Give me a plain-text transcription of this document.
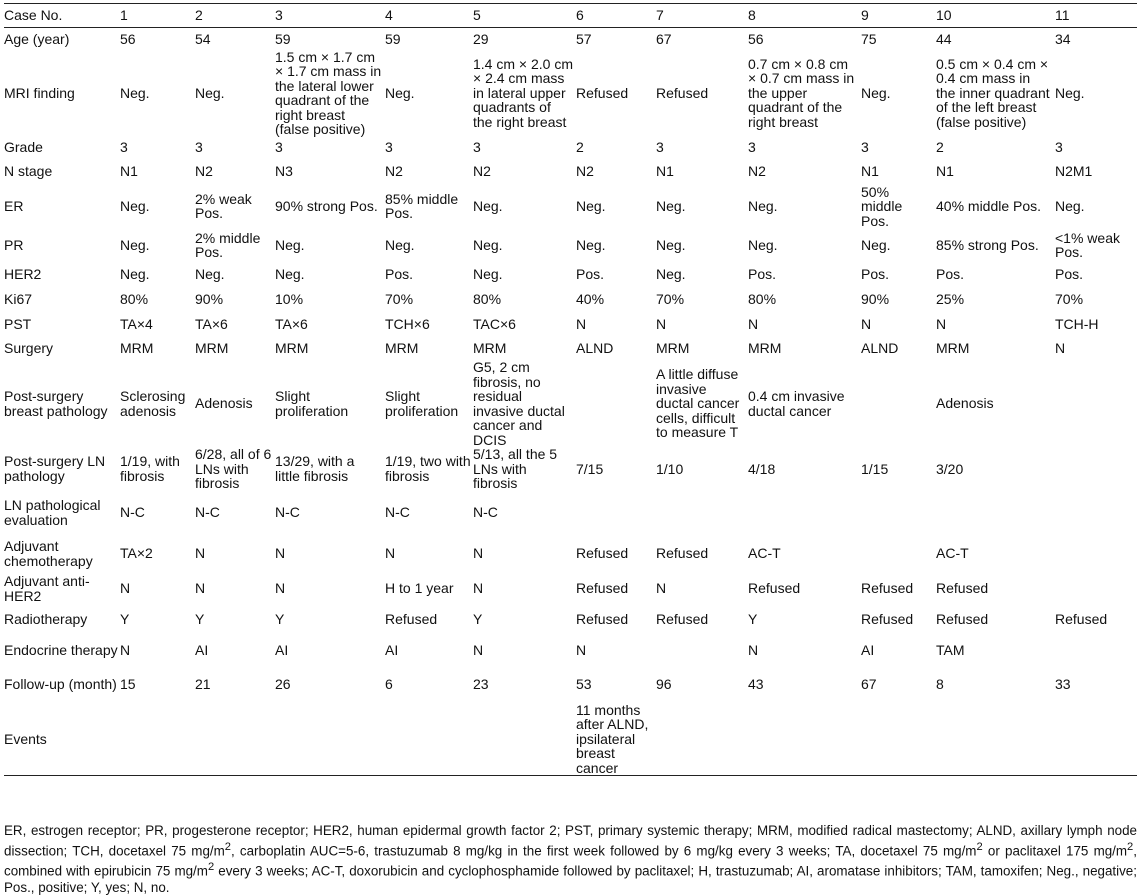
Case No.	1	2	3	4	5	6	7	8	9	10	11
Age (year)	56	54	59	59	29	57	67	56	75	44	34
MRI finding	Neg.	Neg.	1.5 cm × 1.7 cm × 1.7 cm mass in the lateral lower quadrant of the right breast (false positive)	Neg.	1.4 cm × 2.0 cm × 2.4 cm mass in lateral upper quadrants of the right breast	Refused	Refused	0.7 cm × 0.8 cm × 0.7 cm mass in the upper quadrant of the right breast	Neg.	0.5 cm × 0.4 cm × 0.4 cm mass in the inner quadrant of the left breast (false positive)	Neg.
Grade	3	3	3	3	3	2	3	3	3	2	3
N stage	N1	N2	N3	N2	N2	N2	N1	N2	N1	N1	N2M1
ER	Neg.	2% weak Pos.	90% strong Pos.	85% middle Pos.	Neg.	Neg.	Neg.	Neg.	50% middle Pos.	40% middle Pos.	Neg.
PR	Neg.	2% middle Pos.	Neg.	Neg.	Neg.	Neg.	Neg.	Neg.	Neg.	85% strong Pos.	<1% weak Pos.
HER2	Neg.	Neg.	Neg.	Pos.	Neg.	Pos.	Neg.	Pos.	Pos.	Pos.	Pos.
Ki67	80%	90%	10%	70%	80%	40%	70%	80%	90%	25%	70%
PST	TA×4	TA×6	TA×6	TCH×6	TAC×6	N	N	N	N	N	TCH-H
Surgery	MRM	MRM	MRM	MRM	MRM	ALND	MRM	MRM	ALND	MRM	N
Post-surgery breast pathology	Sclerosing adenosis	Adenosis	Slight proliferation	Slight proliferation	G5, 2 cm fibrosis, no residual invasive ductal cancer and DCIS		A little diffuse invasive ductal cancer cells, difficult to measure T	0.4 cm invasive ductal cancer		Adenosis	
Post-surgery LN pathology	1/19, with fibrosis	6/28, all of 6 LNs with fibrosis	13/29, with a little fibrosis	1/19, two with fibrosis	5/13, all the 5 LNs with fibrosis	7/15	1/10	4/18	1/15	3/20	
LN pathological evaluation	N-C	N-C	N-C	N-C	N-C						
Adjuvant chemotherapy	TA×2	N	N	N	N	Refused	Refused	AC-T		AC-T	
Adjuvant anti-HER2	N	N	N	H to 1 year	N	Refused	N	Refused	Refused	Refused	
Radiotherapy	Y	Y	Y	Refused	Y	Refused	Refused	Y	Refused	Refused	Refused
Endocrine therapy	N	AI	AI	AI	N	N		N	AI	TAM	
Follow-up (month)	15	21	26	6	23	53	96	43	67	8	33
Events						11 months after ALND, ipsilateral breast cancer					
ER, estrogen receptor; PR, progesterone receptor; HER2, human epidermal growth factor 2; PST, primary systemic therapy; MRM, modified radical mastectomy; ALND, axillary lymph node dissection; TCH, docetaxel 75 $mg/m^2$, carboplatin AUC=5-6, trastuzumab 8 mg/kg in the first week followed by 6 mg/kg every 3 weeks; TA, docetaxel 75 $mg/m^2$ or paclitaxel 175 $mg/m^2$, combined with epirubicin 75 $mg/m^2$ every 3 weeks; AC-T, doxorubicin and cyclophosphamide followed by paclitaxel; H, trastuzumab; AI, aromatase inhibitors; TAM, tamoxifen; Neg., negative; Pos., positive; Y, yes; N, no.
